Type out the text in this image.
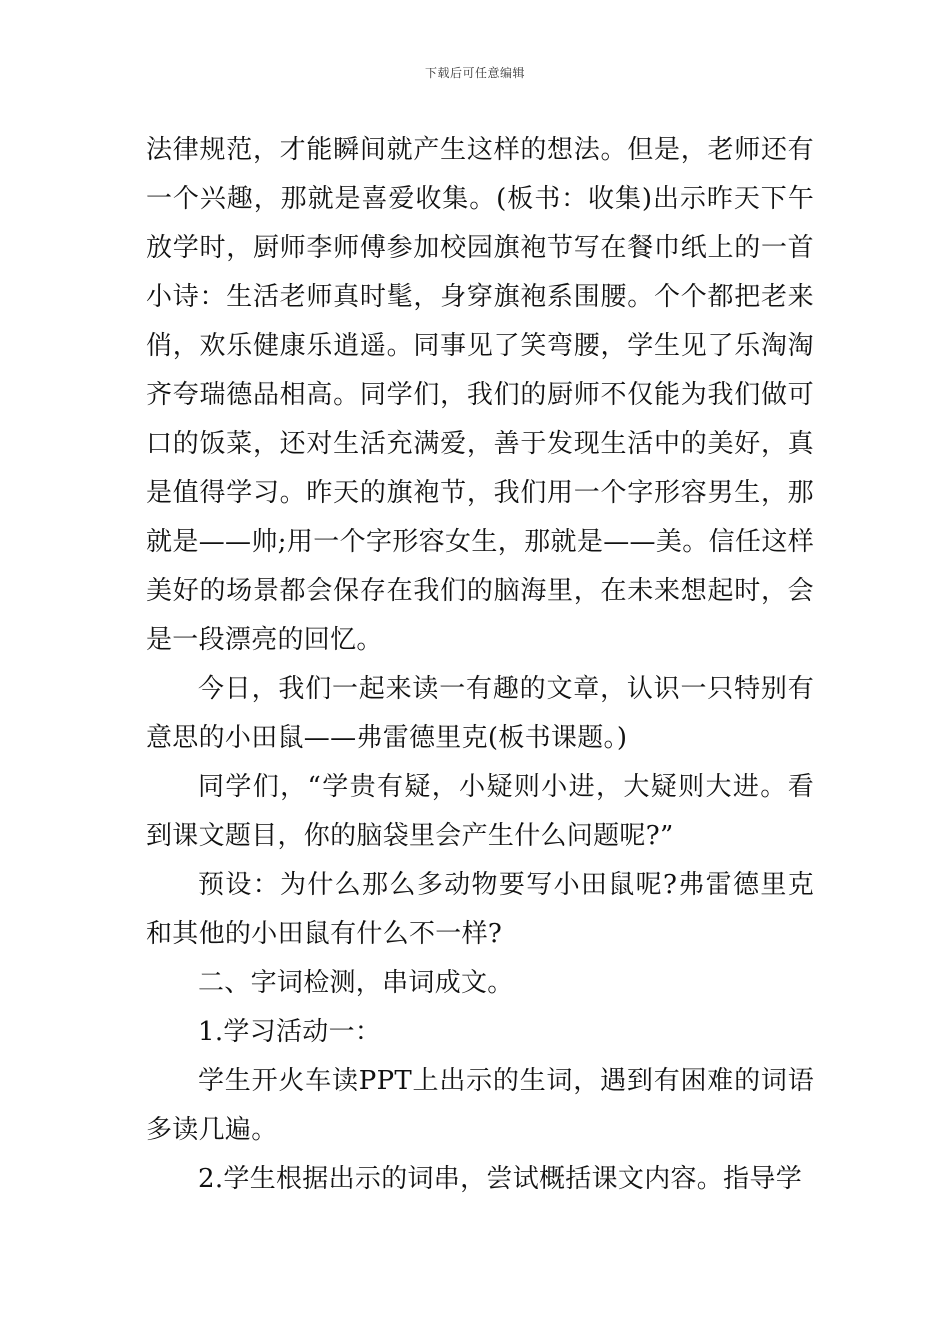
下载后可任意编辑

法律规范，才能瞬间就产生这样的想法。但是，老师还有一个兴趣，那就是喜爱收集。(板书：收集)出示昨天下午放学时，厨师李师傅参加校园旗袍节写在餐巾纸上的一首小诗：生活老师真时髦，身穿旗袍系围腰。个个都把老来俏，欢乐健康乐逍遥。同事见了笑弯腰，学生见了乐淘淘齐夸瑞德品相高。同学们，我们的厨师不仅能为我们做可口的饭菜，还对生活充满爱，善于发现生活中的美好，真是值得学习。昨天的旗袍节，我们用一个字形容男生，那就是——帅;用一个字形容女生，那就是——美。信任这样美好的场景都会保存在我们的脑海里，在未来想起时，会是一段漂亮的回忆。

今日，我们一起来读一有趣的文章，认识一只特别有意思的小田鼠——弗雷德里克(板书课题。)

同学们，“学贵有疑，小疑则小进，大疑则大进。看到课文题目，你的脑袋里会产生什么问题呢?”

预设：为什么那么多动物要写小田鼠呢?弗雷德里克和其他的小田鼠有什么不一样?

二、字词检测，串词成文。

1.学习活动一：

学生开火车读PPT上出示的生词，遇到有困难的词语多读几遍。

2.学生根据出示的词串，尝试概括课文内容。指导学
